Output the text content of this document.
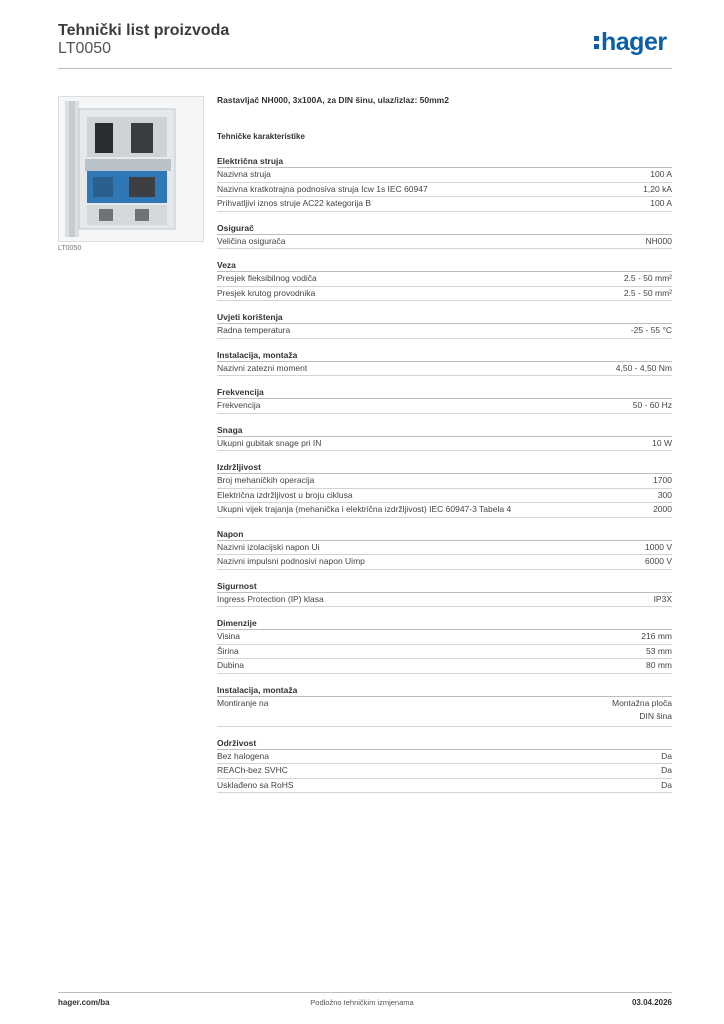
Tehnički list proizvoda
LT0050	hager
LT0050
Rastavljač NH000, 3x100A, za DIN šinu, ulaz/izlaz: 50mm2
Tehničke karakteristike
Električna struja
Nazivna struja	100 A
Nazivna kratkotrajna podnosiva struja Icw 1s IEC 60947	1,20 kA
Prihvatljivi iznos struje AC22 kategorija B	100 A
Osigurač
Veličina osigurača	NH000
Veza
Presjek fleksibilnog vodiča	2.5 - 50 mm²
Presjek krutog provodnika	2.5 - 50 mm²
Uvjeti korištenja
Radna temperatura	-25 - 55 °C
Instalacija, montaža
Nazivni zatezni moment	4,50 - 4,50 Nm
Frekvencija
Frekvencija	50 - 60 Hz
Snaga
Ukupni gubitak snage pri IN	10 W
Izdržljivost
Broj mehaničkih operacija	1700
Električna izdržljivost u broju ciklusa	300
Ukupni vijek trajanja (mehanička i električna izdržljivost) IEC 60947-3 Tabela 4	2000
Napon
Nazivni izolacijski napon Ui	1000 V
Nazivni impulsni podnosivi napon Uimp	6000 V
Sigurnost
Ingress Protection (IP) klasa	IP3X
Dimenzije
Visina	216 mm
Širina	53 mm
Dubina	80 mm
Instalacija, montaža
Montiranje na	Montažna ploča
DIN šina
Održivost
Bez halogena	Da
REACh-bez SVHC	Da
Usklađeno sa RoHS	Da
hager.com/ba	Podložno tehničkim izmjenama	03.04.2026
